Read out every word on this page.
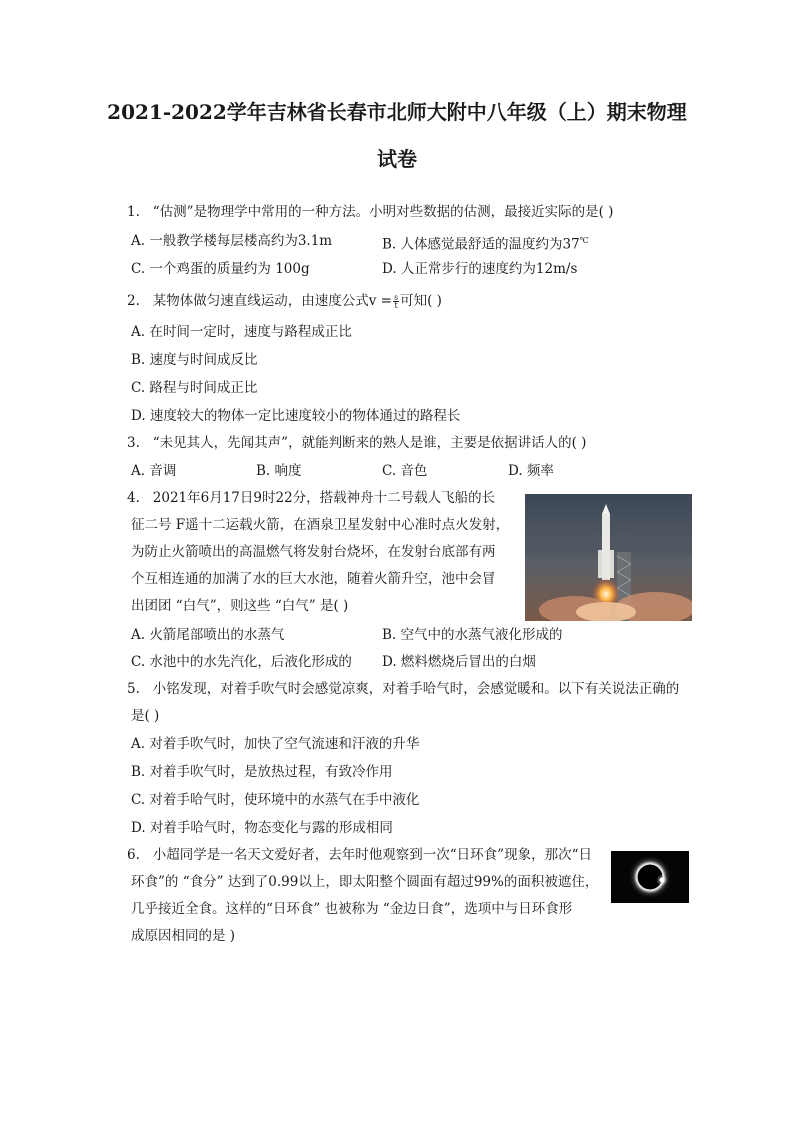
2021-2022学年吉林省长春市北师大附中八年级（上）期末物理
试卷
1. “估测”是物理学中常用的一种方法。小明对些数据的估测，最接近实际的是( )
A. 一般教学楼每层楼高约为3.1m	B. 人体感觉最舒适的温度约为37℃
C. 一个鸡蛋的质量约为 100g	D. 人正常步行的速度约为12m/s
2. 某物体做匀速直线运动，由速度公式$v = \frac{s}{t}$ 可知( )
A. 在时间一定时，速度与路程成正比
B. 速度与时间成反比
C. 路程与时间成正比
D. 速度较大的物体一定比速度较小的物体通过的路程长
3. “未见其人，先闻其声”，就能判断来的熟人是谁，主要是依据讲话人的( )
A. 音调	B. 响度	C. 音色	D. 频率
4. 2021年6月17日9时22分，搭载神舟十二号载人飞船的长
征二号 F遥十二运载火箭，在酒泉卫星发射中心准时点火发射，
为防止火箭喷出的高温燃气将发射台烧坏，在发射台底部有两
个互相连通的加满了水的巨大水池，随着火箭升空，池中会冒
出团团 “白气”，则这些 “白气” 是( )
A. 火箭尾部喷出的水蒸气	B. 空气中的水蒸气液化形成的
C. 水池中的水先汽化，后液化形成的 D. 燃料燃烧后冒出的白烟
5. 小铭发现，对着手吹气时会感觉凉爽，对着手哈气时，会感觉暖和。以下有关说法正确的
是( )
A. 对着手吹气时，加快了空气流速和汗液的升华
B. 对着手吹气时，是放热过程，有致冷作用
C. 对着手哈气时，使环境中的水蒸气在手中液化
D. 对着手哈气时，物态变化与露的形成相同
6. 小超同学是一名天文爱好者，去年时他观察到一次“日环食”现象，那次“日
环食”的 “食分” 达到了0.99以上，即太阳整个圆面有超过99%的面积被遮住，
几乎接近全食。这样的“日环食” 也被称为 “金边日食”，选项中与日环食形
成原因相同的是 )
